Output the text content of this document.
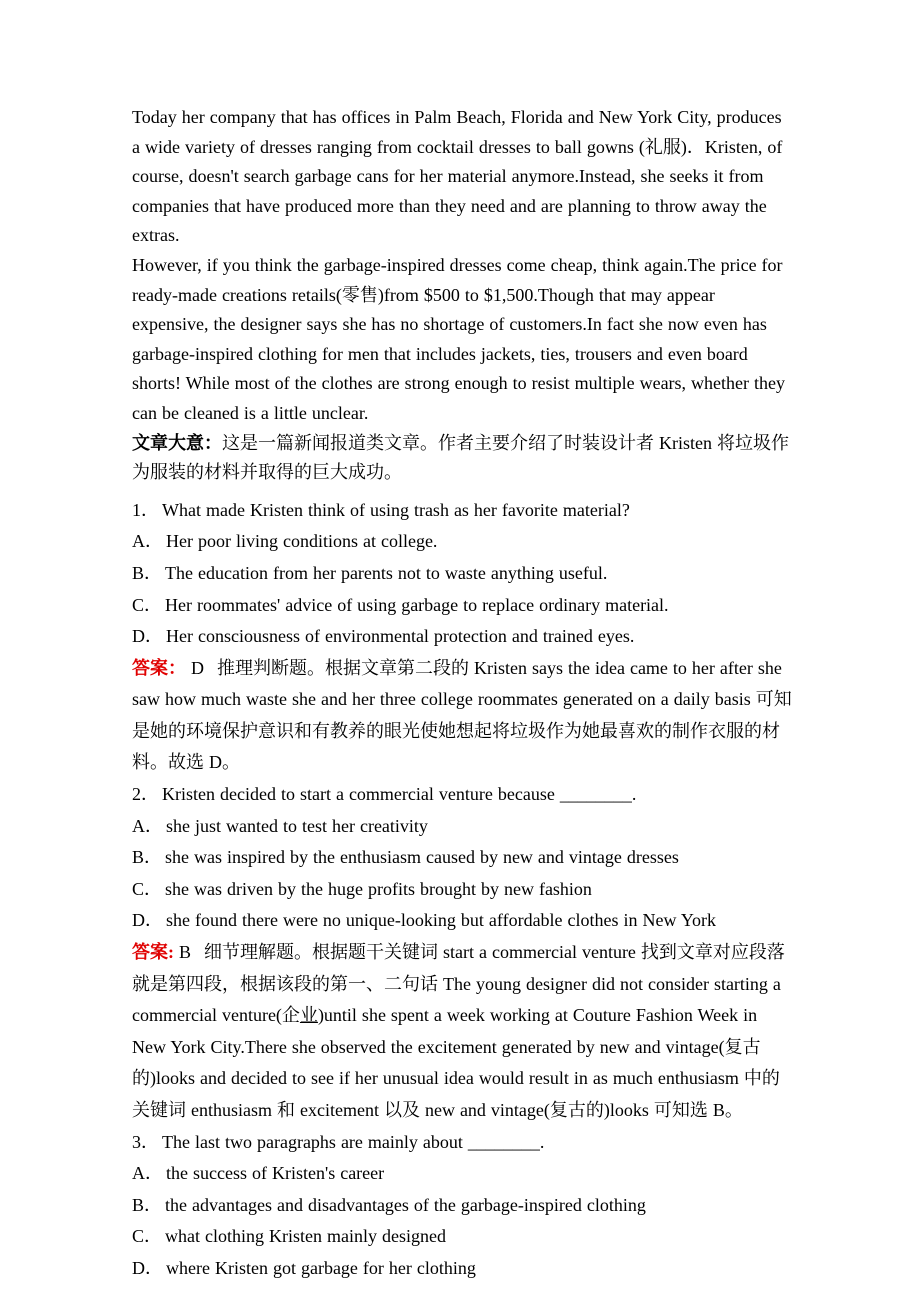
Today her company that has offices in Palm Beach, Florida and New York City, produces a wide variety of dresses ranging from cocktail dresses to ball gowns (礼服)．Kristen, of course, doesn't search garbage cans for her material anymore.Instead, she seeks it from companies that have produced more than they need and are planning to throw away the extras.

However, if you think the garbage-inspired dresses come cheap, think again.The price for ready-made creations retails(零售)from $500 to $1,500.Though that may appear expensive, the designer says she has no shortage of customers.In fact she now even has garbage-inspired clothing for men that includes jackets, ties, trousers and even board shorts! While most of the clothes are strong enough to resist multiple wears, whether they can be cleaned is a little unclear.

文章大意：这是一篇新闻报道类文章。作者主要介绍了时装设计者 Kristen 将垃圾作为服装的材料并取得的巨大成功。

1． What made Kristen think of using trash as her favorite material?

A． Her poor living conditions at college.

B． The education from her parents not to waste anything useful.

C． Her roommates' advice of using garbage to replace ordinary material.

D． Her consciousness of environmental protection and trained eyes.

答案： D 推理判断题。根据文章第二段的 Kristen says the idea came to her after she saw how much waste she and her three college roommates generated on a daily basis 可知是她的环境保护意识和有教养的眼光使她想起将垃圾作为她最喜欢的制作衣服的材料。故选 D。

2． Kristen decided to start a commercial venture because ________.

A． she just wanted to test her creativity

B． she was inspired by the enthusiasm caused by new and vintage dresses

C． she was driven by the huge profits brought by new fashion

D． she found there were no unique-looking but affordable clothes in New York

答案: B 细节理解题。根据题干关键词 start a commercial venture 找到文章对应段落就是第四段，根据该段的第一、二句话 The young designer did not consider starting a commercial venture(企业)until she spent a week working at Couture Fashion Week in New York City.There she observed the excitement generated by new and vintage(复古的)looks and decided to see if her unusual idea would result in as much enthusiasm 中的关键词 enthusiasm 和 excitement 以及 new and vintage(复古的)looks 可知选 B。

3． The last two paragraphs are mainly about ________.

A． the success of Kristen's career

B． the advantages and disadvantages of the garbage-inspired clothing

C． what clothing Kristen mainly designed

D． where Kristen got garbage for her clothing
